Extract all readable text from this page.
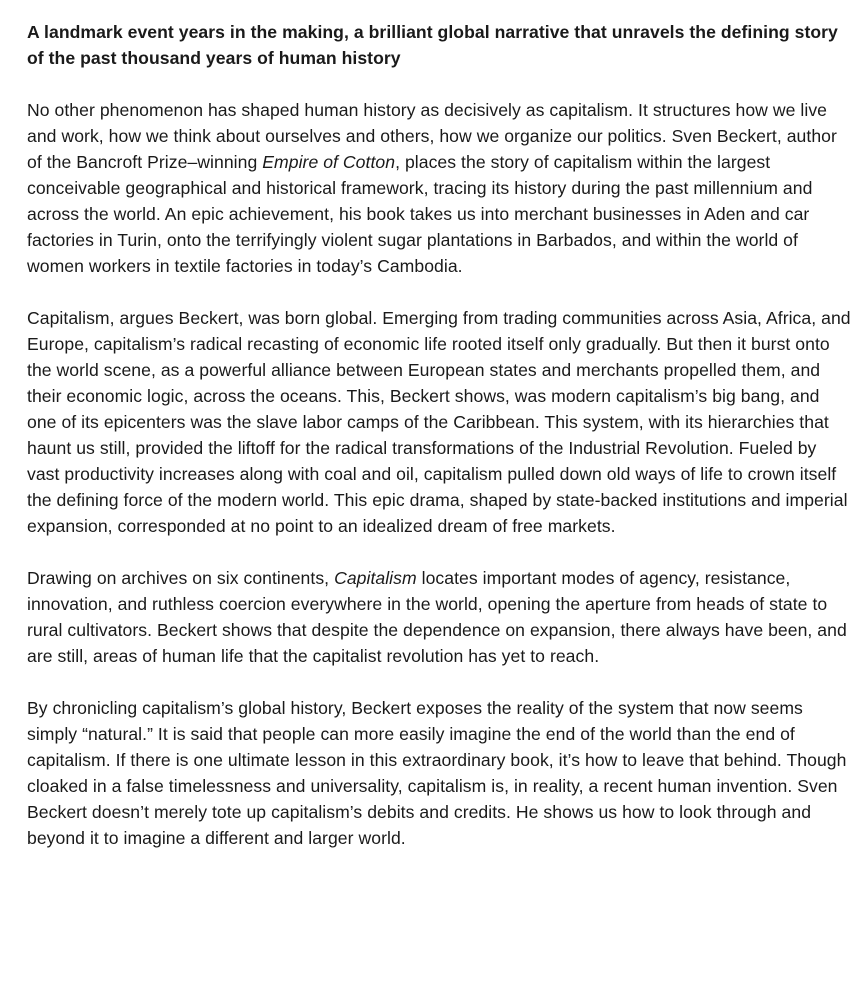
A landmark event years in the making, a brilliant global narrative that unravels the defining story of the past thousand years of human history

No other phenomenon has shaped human history as decisively as capitalism. It structures how we live and work, how we think about ourselves and others, how we organize our politics. Sven Beckert, author of the Bancroft Prize–winning Empire of Cotton, places the story of capitalism within the largest conceivable geographical and historical framework, tracing its history during the past millennium and across the world. An epic achievement, his book takes us into merchant businesses in Aden and car factories in Turin, onto the terrifyingly violent sugar plantations in Barbados, and within the world of women workers in textile factories in today’s Cambodia.

Capitalism, argues Beckert, was born global. Emerging from trading communities across Asia, Africa, and Europe, capitalism’s radical recasting of economic life rooted itself only gradually. But then it burst onto the world scene, as a powerful alliance between European states and merchants propelled them, and their economic logic, across the oceans. This, Beckert shows, was modern capitalism’s big bang, and one of its epicenters was the slave labor camps of the Caribbean. This system, with its hierarchies that haunt us still, provided the liftoff for the radical transformations of the Industrial Revolution. Fueled by vast productivity increases along with coal and oil, capitalism pulled down old ways of life to crown itself the defining force of the modern world. This epic drama, shaped by state-backed institutions and imperial expansion, corresponded at no point to an idealized dream of free markets.

Drawing on archives on six continents, Capitalism locates important modes of agency, resistance, innovation, and ruthless coercion everywhere in the world, opening the aperture from heads of state to rural cultivators. Beckert shows that despite the dependence on expansion, there always have been, and are still, areas of human life that the capitalist revolution has yet to reach.

By chronicling capitalism’s global history, Beckert exposes the reality of the system that now seems simply “natural.” It is said that people can more easily imagine the end of the world than the end of capitalism. If there is one ultimate lesson in this extraordinary book, it’s how to leave that behind. Though cloaked in a false timelessness and universality, capitalism is, in reality, a recent human invention. Sven Beckert doesn’t merely tote up capitalism’s debits and credits. He shows us how to look through and beyond it to imagine a different and larger world.
